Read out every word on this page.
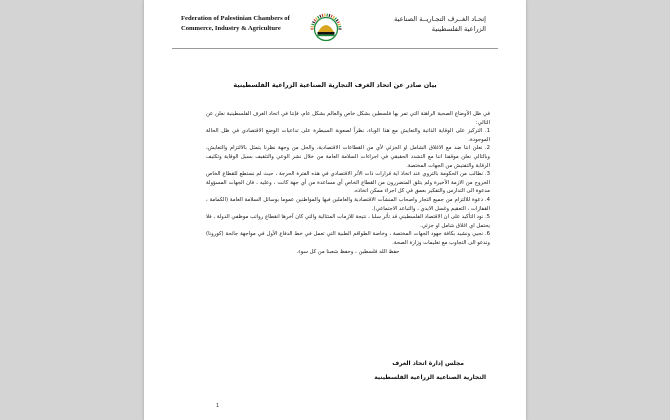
Federation of Palestinian Chambers of Commerce, Industry & Agriculture
إتحـاد الغــرف التجـاريــة الصناعية الزراعية الفلسطينية
بيان صادر عن اتحاد الغرف التجارية الصناعية الزراعية الفلسطينية

في ظل الأوضاع الصحية الراهنة التي تمر بها فلسطين بشكل خاص والعالم بشكل عام، فإننا في اتحاد الغرف الفلسطينية نعلن عن التالي:

1. التركيز على الوقاية الذاتية والتعايش مع هذا الوباء، نظراً لصعوبة السيطرة على تداعيات الوضع الاقتصادي في ظل الحالة الموجودة.

2. نعلن اننا ضد مع الاغلاق الشامل او الجزئي لأي من القطاعات الاقتصادية، والحل من وجهة نظرنا يتمثل بالالتزام والتعايش، وبالتالي نعلن موقفنا اننا مع التشدد الحقيقي في اجراءات السلامة العامة من خلال نشر الوعي والتثقيف بسبل الوقاية وتكثيف الرقابة والتفتيش من الجهات المختصة.

3. نطالب من الحكومة بالتروي عند اتخاذ اية قرارات ذات الأثر الاقتصادي في هذه الفترة الحرجة ، حيث لم نستطع للقطاع الخاص الخروج من الازمة الأخيرة ولم يتلق المتضررون من القطاع الخاص أي مساعدة من أي جهة كانت ، وعليه ، فان الجهات المسؤولة مدعوة الى التدارس والتفكير بعمق في كل اجراء ممكن اتخاذه.

4. دعوة للالتزام من جميع التجار واصحاب المنشآت الاقتصادية والعاملين فيها والمواطنين عموما بوسائل السلامة العامة (الكمامة ، القفازات ، التعقيم وغسل الايدي ، والتباعد الاجتماعي).

5. نود التأكيد على ان الاقتصاد الفلسطيني قد تأثر سلبا ، نتيجة للازمات المتتالية والتي كان آخرها انقطاع رواتب موظفي الدولة ، فلا يحتمل اي اغلاق شامل او جزئي.

6. نحيي ونشيد بكافة جهود الجهات المختصة ، وخاصة الطواقم الطبية التي تعمل في خط الدفاع الأول في مواجهة جائحة (كورونا) وندعو الى التجاوب مع تعليمات وزارة الصحة.

حفظ الله فلسطين ، وحفظ شعبنا من كل سوء.

مجلس إدارة اتحاد الغرف
التجارية الصناعية الزراعية الفلسطينية
1
